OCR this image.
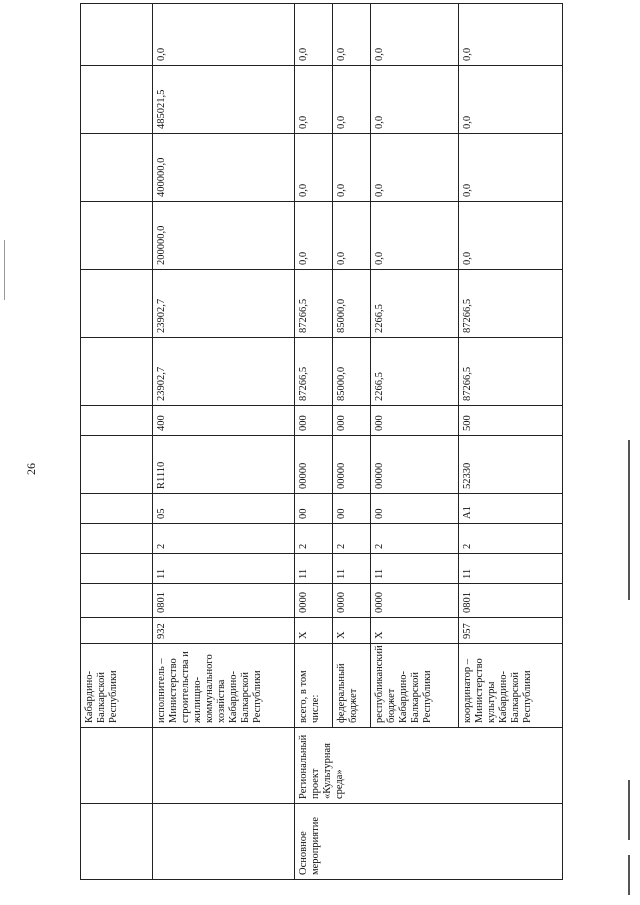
26
		Кабардино-Балкарской Республики													
		исполнитель – Министерство строительства и жилищно-коммунального хозяйства Кабардино-Балкарской Республики	932	0801	11	2	05	R1110	400	23902,7	23902,7	200000,0	400000,0	485021,5	0,0
Основное мероприятие	Региональный проект «Культурная среда»	всего, в том числе:	Х	0000	11	2	00	00000	000	87266,5	87266,5	0,0	0,0	0,0	0,0
		федеральный бюджет	Х	0000	11	2	00	00000	000	85000,0	85000,0	0,0	0,0	0,0	0,0
		республиканский бюджет Кабардино-Балкарской Республики	Х	0000	11	2	00	00000	000	2266,5	2266,5	0,0	0,0	0,0	0,0
		координатор – Министерство культуры Кабардино-Балкарской Республики	957	0801	11	2	А1	52330	500	87266,5	87266,5	0,0	0,0	0,0	0,0
